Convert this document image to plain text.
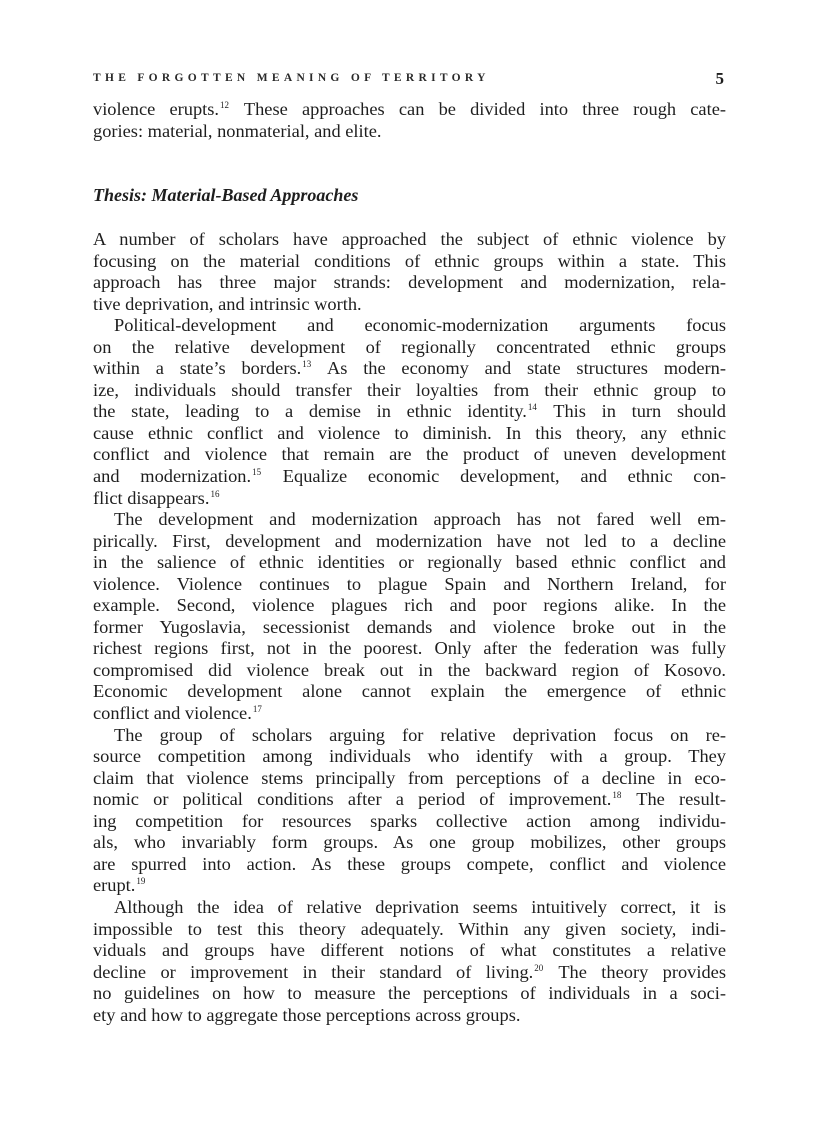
THE FORGOTTEN MEANING OF TERRITORY	5
violence erupts.$^{12}$ These approaches can be divided into three rough cate-
gories: material, nonmaterial, and elite.
Thesis: Material-Based Approaches
A number of scholars have approached the subject of ethnic violence by
focusing on the material conditions of ethnic groups within a state. This
approach has three major strands: development and modernization, rela-
tive deprivation, and intrinsic worth.
Political-development and economic-modernization arguments focus
on the relative development of regionally concentrated ethnic groups
within a state’s borders.$^{13}$ As the economy and state structures modern-
ize, individuals should transfer their loyalties from their ethnic group to
the state, leading to a demise in ethnic identity.$^{14}$ This in turn should
cause ethnic conflict and violence to diminish. In this theory, any ethnic
conflict and violence that remain are the product of uneven development
and modernization.$^{15}$ Equalize economic development, and ethnic con-
flict disappears.$^{16}$
The development and modernization approach has not fared well em-
pirically. First, development and modernization have not led to a decline
in the salience of ethnic identities or regionally based ethnic conflict and
violence. Violence continues to plague Spain and Northern Ireland, for
example. Second, violence plagues rich and poor regions alike. In the
former Yugoslavia, secessionist demands and violence broke out in the
richest regions first, not in the poorest. Only after the federation was fully
compromised did violence break out in the backward region of Kosovo.
Economic development alone cannot explain the emergence of ethnic
conflict and violence.$^{17}$
The group of scholars arguing for relative deprivation focus on re-
source competition among individuals who identify with a group. They
claim that violence stems principally from perceptions of a decline in eco-
nomic or political conditions after a period of improvement.$^{18}$ The result-
ing competition for resources sparks collective action among individu-
als, who invariably form groups. As one group mobilizes, other groups
are spurred into action. As these groups compete, conflict and violence
erupt.$^{19}$
Although the idea of relative deprivation seems intuitively correct, it is
impossible to test this theory adequately. Within any given society, indi-
viduals and groups have different notions of what constitutes a relative
decline or improvement in their standard of living.$^{20}$ The theory provides
no guidelines on how to measure the perceptions of individuals in a soci-
ety and how to aggregate those perceptions across groups.
